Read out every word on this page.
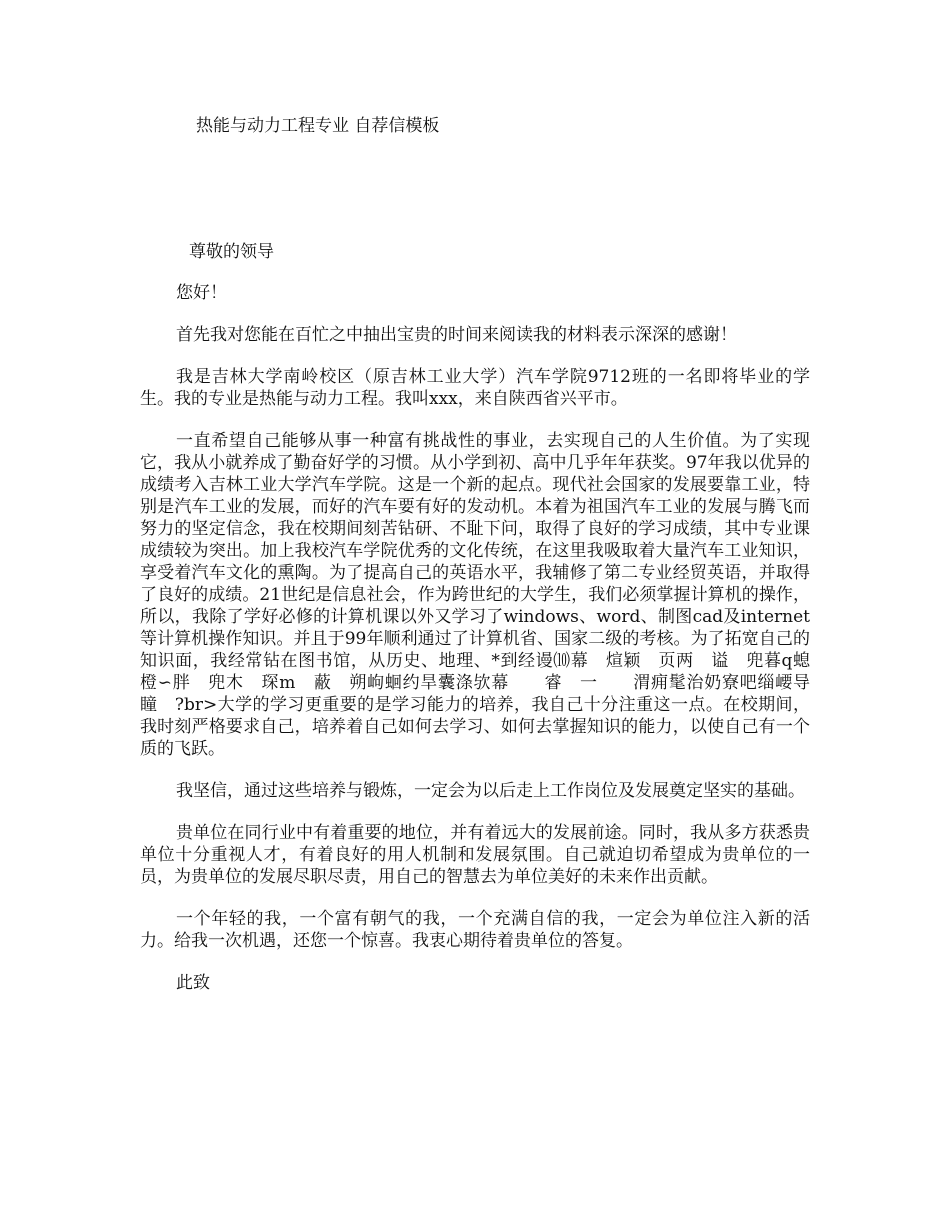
热能与动力工程专业 自荐信模板
尊敬的领导

您好！

首先我对您能在百忙之中抽出宝贵的时间来阅读我的材料表示深深的感谢！

我是吉林大学南岭校区（原吉林工业大学）汽车学院9712班的一名即将毕业的学生。我的专业是热能与动力工程。我叫xxx，来自陕西省兴平市。

一直希望自己能够从事一种富有挑战性的事业，去实现自己的人生价值。为了实现它，我从小就养成了勤奋好学的习惯。从小学到初、高中几乎年年获奖。97年我以优异的成绩考入吉林工业大学汽车学院。这是一个新的起点。现代社会国家的发展要靠工业，特别是汽车工业的发展，而好的汽车要有好的发动机。本着为祖国汽车工业的发展与腾飞而努力的坚定信念，我在校期间刻苦钻研、不耻下问，取得了良好的学习成绩，其中专业课成绩较为突出。加上我校汽车学院优秀的文化传统，在这里我吸取着大量汽车工业知识，享受着汽车文化的熏陶。为了提高自己的英语水平，我辅修了第二专业经贸英语，并取得了良好的成绩。21世纪是信息社会，作为跨世纪的大学生，我们必须掌握计算机的操作，所以，我除了学好必修的计算机课以外又学习了windows、word、制图cad及internet等计算机操作知识。并且于99年顺利通过了计算机省、国家二级的考核。为了拓宽自己的知识面，我经常钻在图书馆，从历史、地理、*到经谩⑽幕　煊颖　页两　谥　兜暮q螅　橙∽胖　兜木　琛m　蔽　朔岣蛔约旱囊涤欤幕　　睿　一　　渭痈髦治奶寮吧缁崾导　瞳　?br>大学的学习更重要的是学习能力的培养，我自己十分注重这一点。在校期间，我时刻严格要求自己，培养着自己如何去学习、如何去掌握知识的能力，以使自己有一个质的飞跃。

我坚信，通过这些培养与锻炼，一定会为以后走上工作岗位及发展奠定坚实的基础。

贵单位在同行业中有着重要的地位，并有着远大的发展前途。同时，我从多方获悉贵单位十分重视人才，有着良好的用人机制和发展氛围。自己就迫切希望成为贵单位的一员，为贵单位的发展尽职尽责，用自己的智慧去为单位美好的未来作出贡献。

一个年轻的我，一个富有朝气的我，一个充满自信的我，一定会为单位注入新的活力。给我一次机遇，还您一个惊喜。我衷心期待着贵单位的答复。

此致
